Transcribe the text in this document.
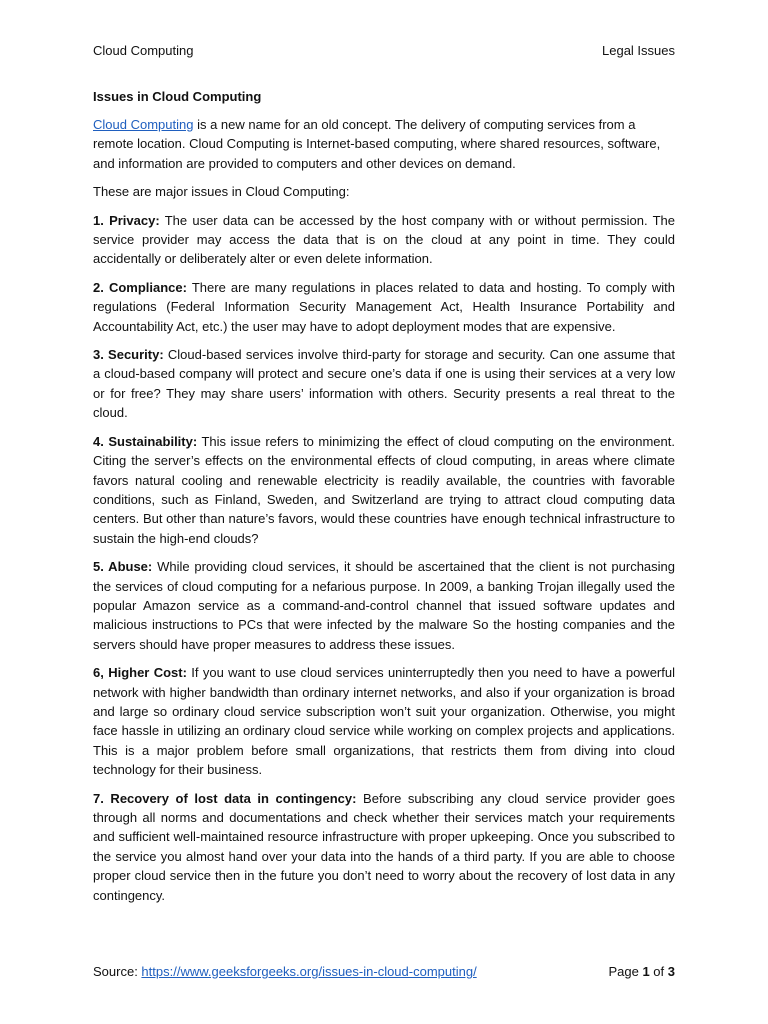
Cloud Computing	Legal Issues
Issues in Cloud Computing

Cloud Computing is a new name for an old concept. The delivery of computing services from a remote location. Cloud Computing is Internet-based computing, where shared resources, software, and information are provided to computers and other devices on demand.

These are major issues in Cloud Computing:

1. Privacy: The user data can be accessed by the host company with or without permission. The service provider may access the data that is on the cloud at any point in time. They could accidentally or deliberately alter or even delete information.

2. Compliance: There are many regulations in places related to data and hosting. To comply with regulations (Federal Information Security Management Act, Health Insurance Portability and Accountability Act, etc.) the user may have to adopt deployment modes that are expensive.

3. Security: Cloud-based services involve third-party for storage and security. Can one assume that a cloud-based company will protect and secure one’s data if one is using their services at a very low or for free? They may share users’ information with others. Security presents a real threat to the cloud.

4. Sustainability: This issue refers to minimizing the effect of cloud computing on the environment. Citing the server’s effects on the environmental effects of cloud computing, in areas where climate favors natural cooling and renewable electricity is readily available, the countries with favorable conditions, such as Finland, Sweden, and Switzerland are trying to attract cloud computing data centers. But other than nature’s favors, would these countries have enough technical infrastructure to sustain the high-end clouds?

5. Abuse: While providing cloud services, it should be ascertained that the client is not purchasing the services of cloud computing for a nefarious purpose. In 2009, a banking Trojan illegally used the popular Amazon service as a command-and-control channel that issued software updates and malicious instructions to PCs that were infected by the malware So the hosting companies and the servers should have proper measures to address these issues.

6, Higher Cost: If you want to use cloud services uninterruptedly then you need to have a powerful network with higher bandwidth than ordinary internet networks, and also if your organization is broad and large so ordinary cloud service subscription won’t suit your organization. Otherwise, you might face hassle in utilizing an ordinary cloud service while working on complex projects and applications. This is a major problem before small organizations, that restricts them from diving into cloud technology for their business.

7. Recovery of lost data in contingency: Before subscribing any cloud service provider goes through all norms and documentations and check whether their services match your requirements and sufficient well-maintained resource infrastructure with proper upkeeping. Once you subscribed to the service you almost hand over your data into the hands of a third party. If you are able to choose proper cloud service then in the future you don’t need to worry about the recovery of lost data in any contingency.

Source: https://www.geeksforgeeks.org/issues-in-cloud-computing/	Page 1 of 3
